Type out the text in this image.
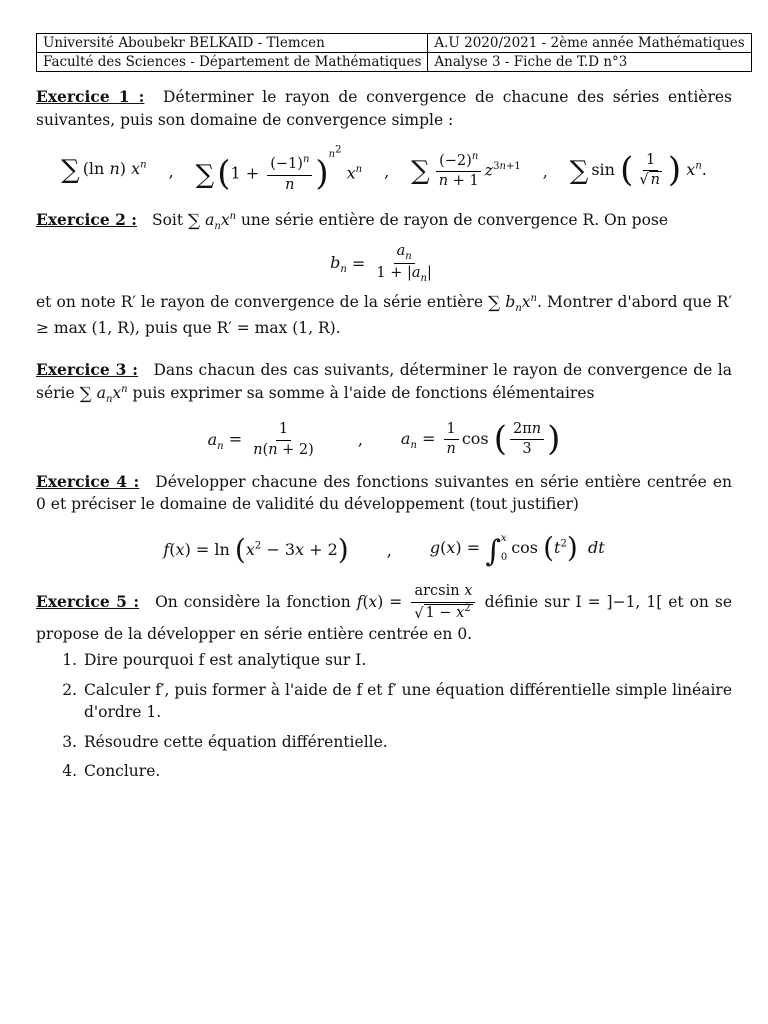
Université Aboubekr BELKAID - Tlemcen	A.U 2020/2021 - 2ème année Mathématiques
Faculté des Sciences - Département de Mathématiques	Analyse 3 - Fiche de T.D n°3

Exercice 1 : Déterminer le rayon de convergence de chacune des séries entières suivantes, puis son domaine de convergence simple :

∑ (ln n) $x^n$ , $\sum(1 + \frac{(-1)^n}{n} )^{n^2}$ $x^n$ , ∑ $\frac{(-2)^n}{n + 1} z^{3n+1}$ , ∑ sin ( $\frac{1}{√ n}$ ) $x^n$.

Exercice 2 : Soit ∑ $a_nx^n$ une série entière de rayon de convergence R. On pose

$b_n = \frac{a_n}{1 + |a_n|}$

et on note R′ le rayon de convergence de la série entière ∑ $b_nx^n$. Montrer d'abord que R′ ≥ max (1, R), puis que R′ = max (1, R).

Exercice 3 : Dans chacun des cas suivants, déterminer le rayon de convergence de la série ∑ $a_nx^n$ puis exprimer sa somme à l'aide de fonctions élémentaires

$a_n = \frac{1}{n(n + 2)}$	, $a_n = \frac{1}{n}$ cos ( $\frac{2\pi n}{3}$ )

Exercice 4 : Développer chacune des fonctions suivantes en série entière centrée en 0 et préciser le domaine de validité du développement (tout justifier)

$f(x) = \ln (x^2 - 3x + 2)$ , g(x) = ∫ x
0
$\cos (t^2)$ dt

Exercice 5 : On considère la fonction $f(x) = \frac{\text{arcsin x}}{√ 1 - x^2}$ définie sur I = ]−1, 1[ et on se propose de la développer en série entière centrée en 0.

1. Dire pourquoi f est analytique sur I.
2. Calculer f′, puis former à l'aide de f et f′ une équation différentielle simple linéaire d'ordre 1.
3. Résoudre cette équation différentielle.
4. Conclure.
